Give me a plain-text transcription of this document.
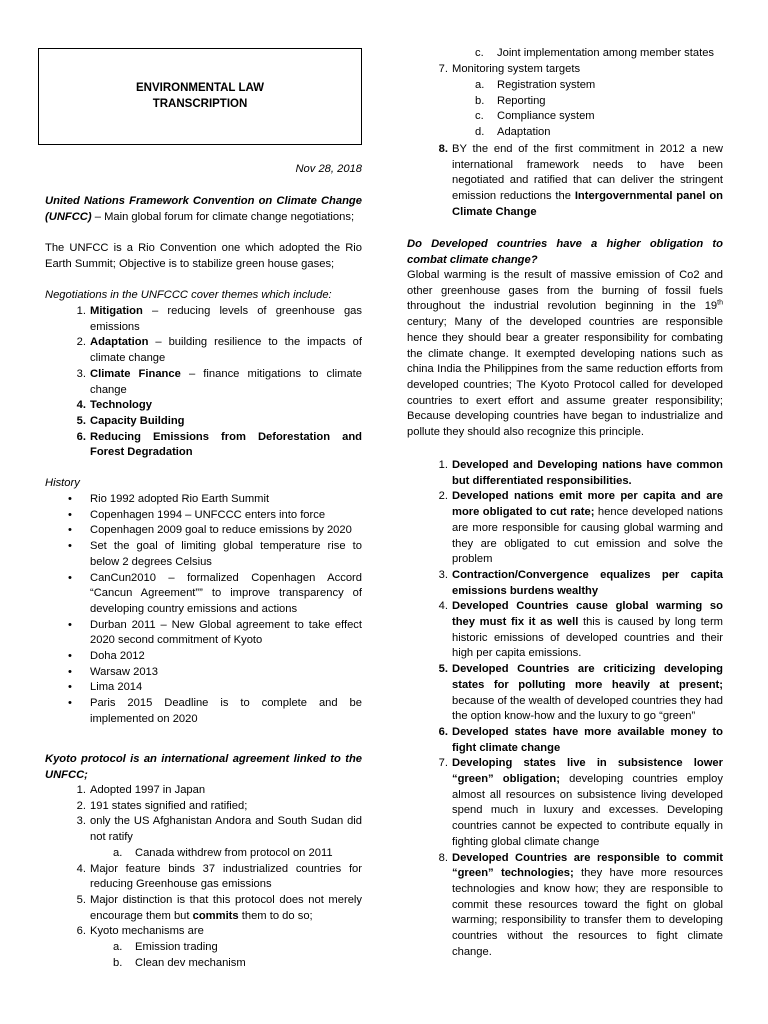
ENVIRONMENTAL LAW
TRANSCRIPTION
Nov 28, 2018

United Nations Framework Convention on Climate Change (UNFCC) – Main global forum for climate change negotiations;

The UNFCC is a Rio Convention one which adopted the Rio Earth Summit; Objective is to stabilize green house gases;

Negotiations in the UNFCCC cover themes which include:

1. Mitigation – reducing levels of greenhouse gas emissions
2. Adaptation – building resilience to the impacts of climate change
3. Climate Finance – finance mitigations to climate change
4. Technology
5. Capacity Building
6. Reducing Emissions from Deforestation and Forest Degradation

History

• Rio 1992 adopted Rio Earth Summit
• Copenhagen 1994 – UNFCCC enters into force
• Copenhagen 2009 goal to reduce emissions by 2020
• Set the goal of limiting global temperature rise to below 2 degrees Celsius
• CanCun2010 – formalized Copenhagen Accord “Cancun Agreement”” to improve transparency of developing country emissions and actions
• Durban 2011 – New Global agreement to take effect 2020 second commitment of Kyoto
• Doha 2012
• Warsaw 2013
• Lima 2014
• Paris 2015 Deadline is to complete and be implemented on 2020

Kyoto protocol is an international agreement linked to the UNFCC;

1. Adopted 1997 in Japan
2. 191 states signified and ratified;
3. only the US Afghanistan Andora and South Sudan did not ratify
a. Canada withdrew from protocol on 2011
4. Major feature binds 37 industrialized countries for reducing Greenhouse gas emissions
5. Major distinction is that this protocol does not merely encourage them but commits them to do so;
6. Kyoto mechanisms are
a. Emission trading
b. Clean dev mechanism
c. Joint implementation among member states
7. Monitoring system targets
a. Registration system
b. Reporting
c. Compliance system
d. Adaptation
8. BY the end of the first commitment in 2012 a new international framework needs to have been negotiated and ratified that can deliver the stringent emission reductions the Intergovernmental panel on Climate Change

Do Developed countries have a higher obligation to combat climate change?

Global warming is the result of massive emission of Co2 and other greenhouse gases from the burning of fossil fuels throughout the industrial revolution beginning in the 19th century; Many of the developed countries are responsible hence they should bear a greater responsibility for combating the climate change. It exempted developing nations such as china India the Philippines from the same reduction efforts from developed countries; The Kyoto Protocol called for developed countries to exert effort and assume greater responsibility; Because developing countries have began to industrialize and pollute they should also recognize this principle.

1. Developed and Developing nations have common but differentiated responsibilities.
2. Developed nations emit more per capita and are more obligated to cut rate; hence developed nations are more responsible for causing global warming and they are obligated to cut emission and solve the problem
3. Contraction/Convergence equalizes per capita emissions burdens wealthy
4. Developed Countries cause global warming so they must fix it as well this is caused by long term historic emissions of developed countries and their high per capita emissions.
5. Developed Countries are criticizing developing states for polluting more heavily at present; because of the wealth of developed countries they had the option know-how and the luxury to go “green”
6. Developed states have more available money to fight climate change
7. Developing states live in subsistence lower “green” obligation; developing countries employ almost all resources on subsistence living developed spend much in luxury and excesses. Developing countries cannot be expected to contribute equally in fighting global climate change
8. Developed Countries are responsible to commit “green” technologies; they have more resources technologies and know how; they are responsible to commit these resources toward the fight on global warming; responsibility to transfer them to developing countries without the resources to fight climate change.
